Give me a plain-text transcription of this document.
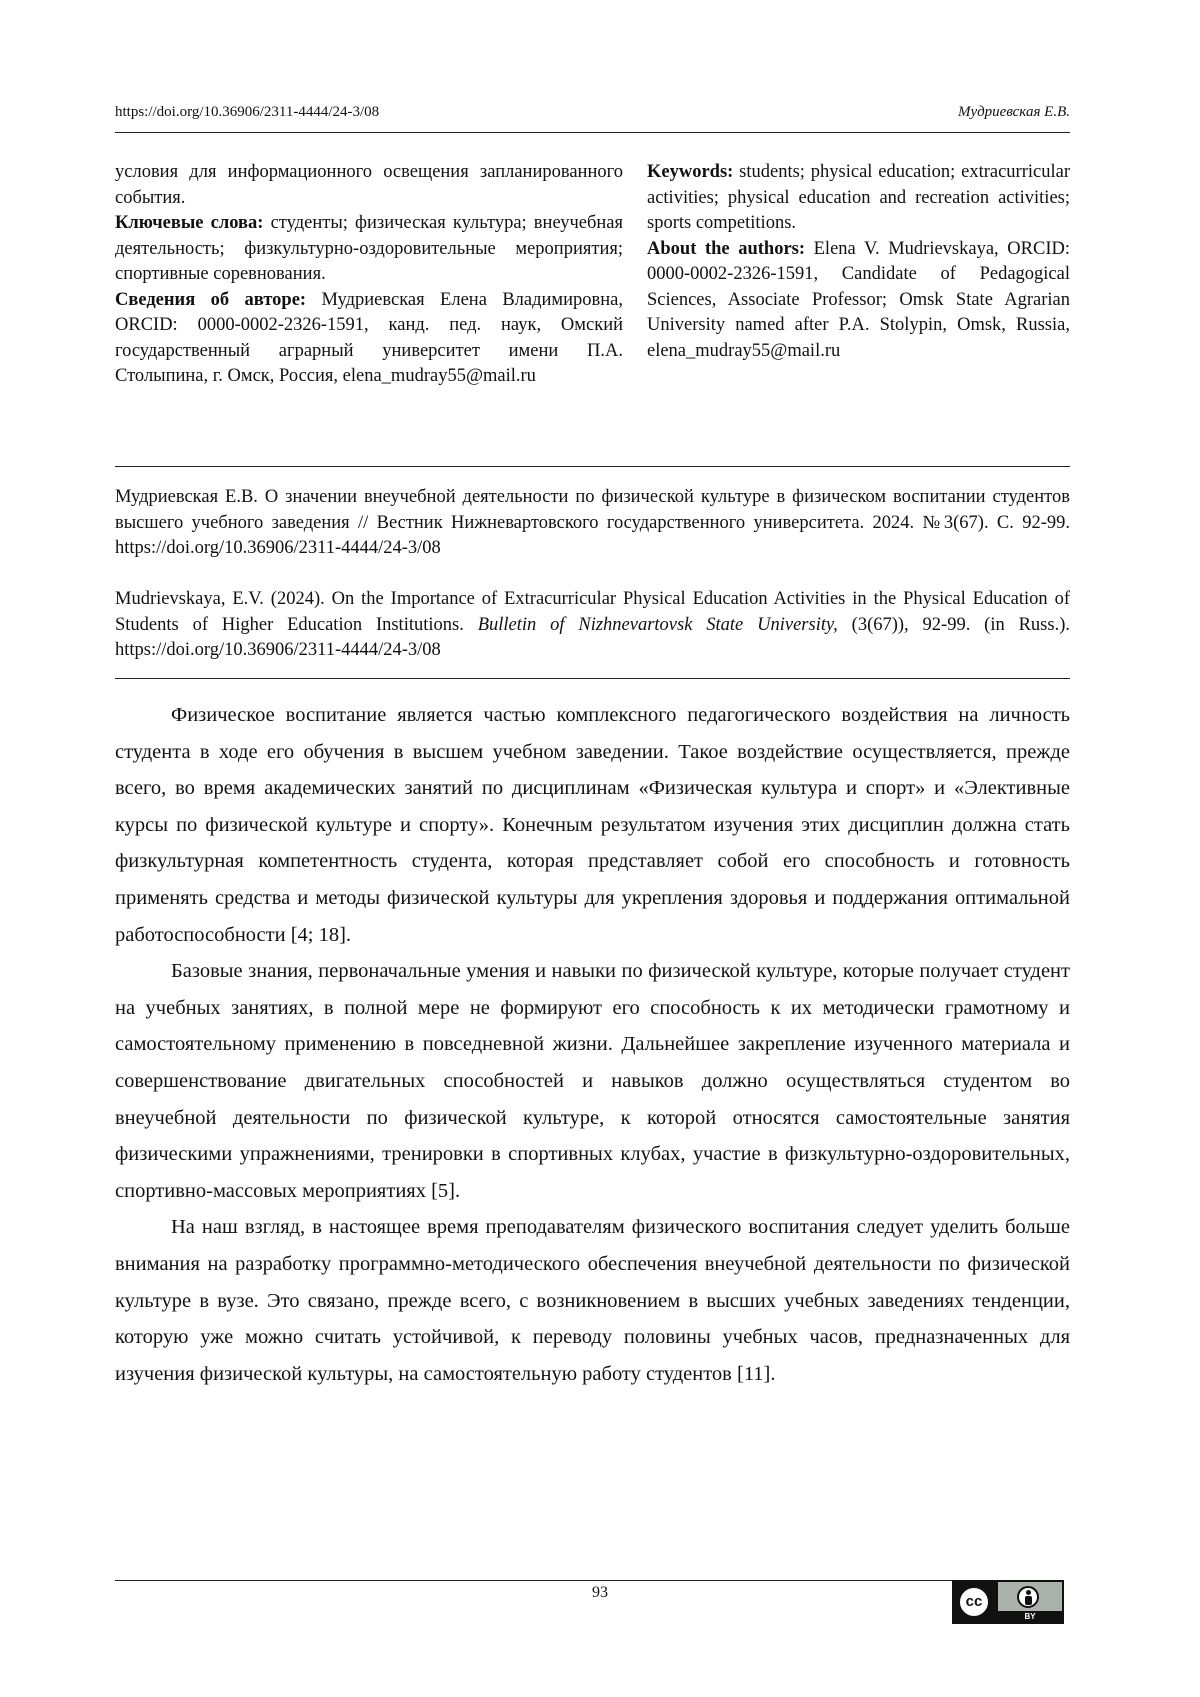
https://doi.org/10.36906/2311-4444/24-3/08	Мудриевская Е.В.

условия для информационного освещения запланированного события.

Ключевые слова: студенты; физическая культура; внеучебная деятельность; физкультурно-оздоровительные мероприятия; спортивные соревнования.

Сведения об авторе: Мудриевская Елена Владимировна, ORCID: 0000-0002-2326-1591, канд. пед. наук, Омский государственный аграрный университет имени П.А. Столыпина, г. Омск, Россия, elena_mudray55@mail.ru

Keywords: students; physical education; extracurricular activities; physical education and recreation activities; sports competitions.

About the authors: Elena V. Mudrievskaya, ORCID: 0000-0002-2326-1591, Candidate of Pedagogical Sciences, Associate Professor; Omsk State Agrarian University named after P.A. Stolypin, Omsk, Russia, elena_mudray55@mail.ru

Мудриевская Е.В. О значении внеучебной деятельности по физической культуре в физическом воспитании студентов высшего учебного заведения // Вестник Нижневартовского государственного университета. 2024. №3(67). С. 92-99. https://doi.org/10.36906/2311-4444/24-3/08

Mudrievskaya, E.V. (2024). On the Importance of Extracurricular Physical Education Activities in the Physical Education of Students of Higher Education Institutions. Bulletin of Nizhnevartovsk State University, (3(67)), 92-99. (in Russ.). https://doi.org/10.36906/2311-4444/24-3/08

Физическое воспитание является частью комплексного педагогического воздействия на личность студента в ходе его обучения в высшем учебном заведении. Такое воздействие осуществляется, прежде всего, во время академических занятий по дисциплинам «Физическая культура и спорт» и «Элективные курсы по физической культуре и спорту». Конечным результатом изучения этих дисциплин должна стать физкультурная компетентность студента, которая представляет собой его способность и готовность применять средства и методы физической культуры для укрепления здоровья и поддержания оптимальной работоспособности [4; 18].

Базовые знания, первоначальные умения и навыки по физической культуре, которые получает студент на учебных занятиях, в полной мере не формируют его способность к их методически грамотному и самостоятельному применению в повседневной жизни. Дальнейшее закрепление изученного материала и совершенствование двигательных способностей и навыков должно осуществляться студентом во внеучебной деятельности по физической культуре, к которой относятся самостоятельные занятия физическими упражнениями, тренировки в спортивных клубах, участие в физкультурно-оздоровительных, спортивно-массовых мероприятиях [5].

На наш взгляд, в настоящее время преподавателям физического воспитания следует уделить больше внимания на разработку программно-методического обеспечения внеучебной деятельности по физической культуре в вузе. Это связано, прежде всего, с возникновением в высших учебных заведениях тенденции, которую уже можно считать устойчивой, к переводу половины учебных часов, предназначенных для изучения физической культуры, на самостоятельную работу студентов [11].

93
cc
BY
